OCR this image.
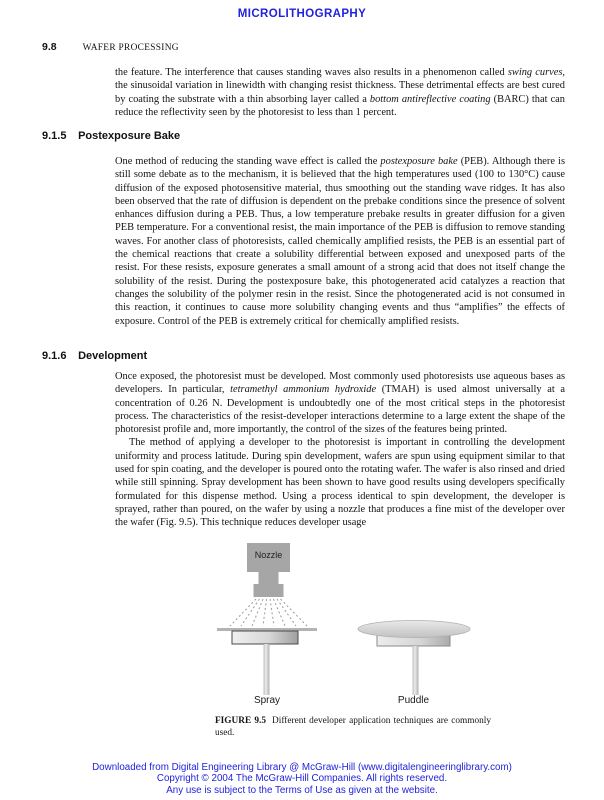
MICROLITHOGRAPHY
9.8	WAFER PROCESSING
the feature. The interference that causes standing waves also results in a phenomenon called swing curves, the sinusoidal variation in linewidth with changing resist thickness. These detrimental effects are best cured by coating the substrate with a thin absorbing layer called a bottom antireflective coating (BARC) that can reduce the reflectivity seen by the photoresist to less than 1 percent.
9.1.5 Postexposure Bake
One method of reducing the standing wave effect is called the postexposure bake (PEB). Although there is still some debate as to the mechanism, it is believed that the high temperatures used (100 to 130°C) cause diffusion of the exposed photosensitive material, thus smoothing out the standing wave ridges. It has also been observed that the rate of diffusion is dependent on the prebake conditions since the presence of solvent enhances diffusion during a PEB. Thus, a low temperature prebake results in greater diffusion for a given PEB temperature. For a conventional resist, the main importance of the PEB is diffusion to remove standing waves. For another class of photoresists, called chemically amplified resists, the PEB is an essential part of the chemical reactions that create a solubility differential between exposed and unexposed parts of the resist. For these resists, exposure generates a small amount of a strong acid that does not itself change the solubility of the resist. During the postexposure bake, this photogenerated acid catalyzes a reaction that changes the solubility of the polymer resin in the resist. Since the photogenerated acid is not consumed in this reaction, it continues to cause more solubility changing events and thus “amplifies” the effects of exposure. Control of the PEB is extremely critical for chemically amplified resists.
9.1.6 Development

Once exposed, the photoresist must be developed. Most commonly used photoresists use aqueous bases as developers. In particular, tetramethyl ammonium hydroxide (TMAH) is used almost universally at a concentration of 0.26 N. Development is undoubtedly one of the most critical steps in the photoresist process. The characteristics of the resist-developer interactions determine to a large extent the shape of the photoresist profile and, more importantly, the control of the sizes of the features being printed.

The method of applying a developer to the photoresist is important in controlling the development uniformity and process latitude. During spin development, wafers are spun using equipment similar to that used for spin coating, and the developer is poured onto the rotating wafer. The wafer is also rinsed and dried while still spinning. Spray development has been shown to have good results using developers specifically formulated for this dispense method. Using a process identical to spin development, the developer is sprayed, rather than poured, on the wafer by using a nozzle that produces a fine mist of the developer over the wafer (Fig. 9.5). This technique reduces developer usage

Nozzle
Spray	Puddle
FIGURE 9.5 Different developer application techniques are commonly used.
Downloaded from Digital Engineering Library @ McGraw-Hill (www.digitalengineeringlibrary.com)
Copyright © 2004 The McGraw-Hill Companies. All rights reserved.
Any use is subject to the Terms of Use as given at the website.
